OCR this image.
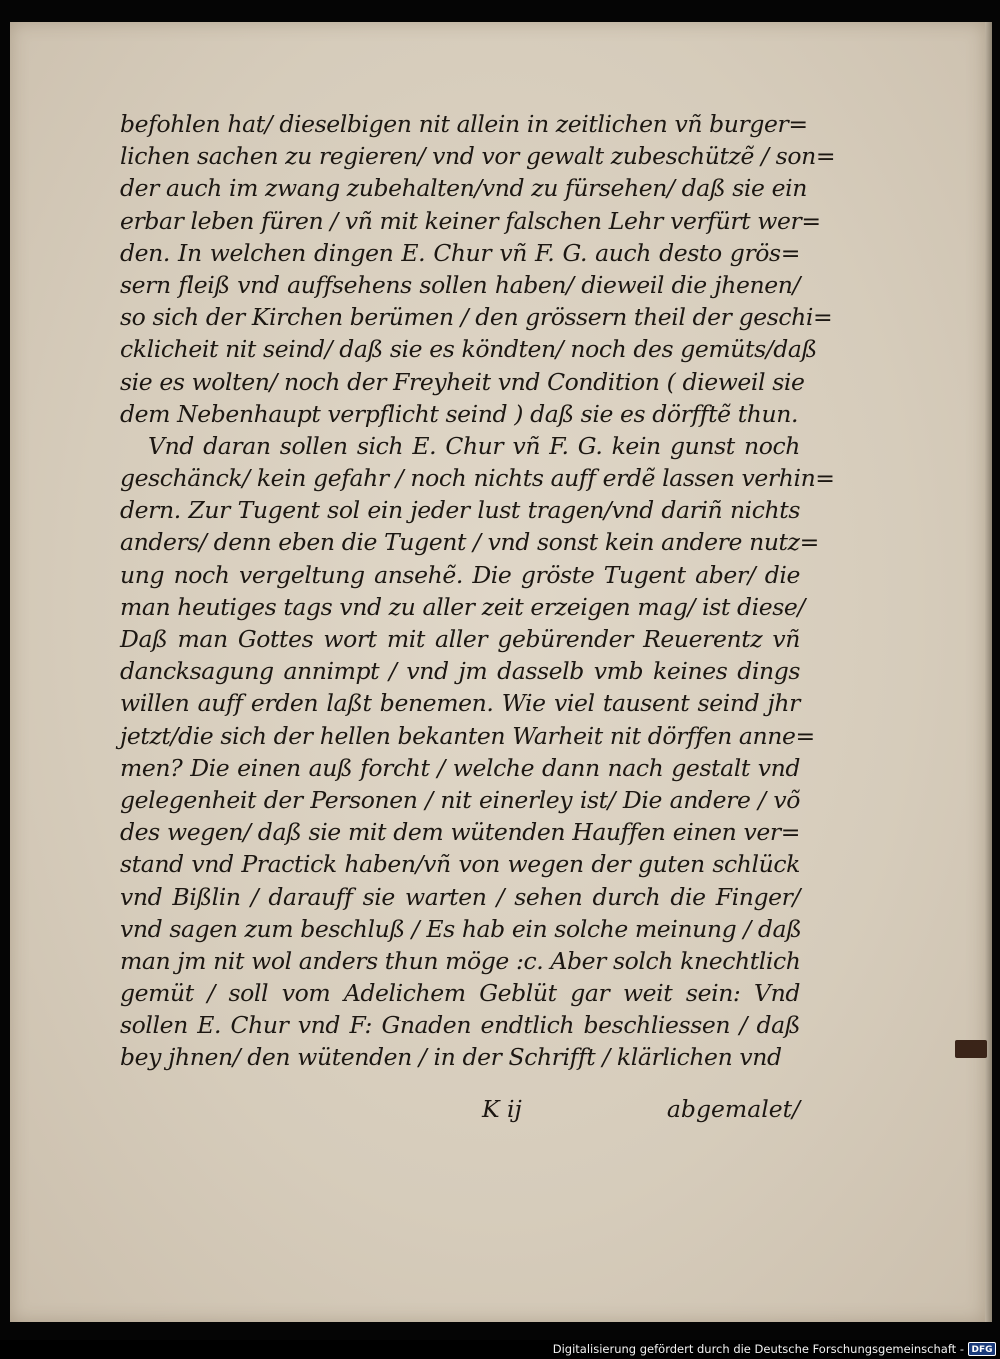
befohlen hat/ dieselbigen nit allein in zeitlichen vñ burger=
lichen sachen zu regieren/ vnd vor gewalt zubeschützẽ / son=
der auch im zwang zubehalten/vnd zu fürsehen/ daß sie ein
erbar leben füren / vñ mit keiner falschen Lehr verfürt wer=
den. In welchen dingen E. Chur vñ F. G. auch desto grös=
sern fleiß vnd auffsehens sollen haben/ dieweil die jhenen/
so sich der Kirchen berümen / den grössern theil der geschi=
cklicheit nit seind/ daß sie es köndten/ noch des gemüts/daß
sie es wolten/ noch der Freyheit vnd Condition ( dieweil sie
dem Nebenhaupt verpflicht seind ) daß sie es dörfftẽ thun.
Vnd daran sollen sich E. Chur vñ F. G. kein gunst noch
geschänck/ kein gefahr / noch nichts auff erdẽ lassen verhin=
dern. Zur Tugent sol ein jeder lust tragen/vnd dariñ nichts
anders/ denn eben die Tugent / vnd sonst kein andere nutz=
ung noch vergeltung ansehẽ. Die gröste Tugent aber/ die
man heutiges tags vnd zu aller zeit erzeigen mag/ ist diese/
Daß man Gottes wort mit aller gebürender Reuerentz vñ
dancksagung annimpt / vnd jm dasselb vmb keines dings
willen auff erden laßt benemen. Wie viel tausent seind jhr
jetzt/die sich der hellen bekanten Warheit nit dörffen anne=
men? Die einen auß forcht / welche dann nach gestalt vnd
gelegenheit der Personen / nit einerley ist/ Die andere / võ
des wegen/ daß sie mit dem wütenden Hauffen einen ver=
stand vnd Practick haben/vñ von wegen der guten schlück
vnd Bißlin / darauff sie warten / sehen durch die Finger/
vnd sagen zum beschluß / Es hab ein solche meinung / daß
man jm nit wol anders thun möge :c. Aber solch knechtlich
gemüt / soll vom Adelichem Geblüt gar weit sein: Vnd
sollen E. Chur vnd F: Gnaden endtlich beschliessen / daß
bey jhnen/ den wütenden / in der Schrifft / klärlichen vnd
K ij	abgemalet/
Digitalisierung gefördert durch die Deutsche Forschungsgemeinschaft - DFG
